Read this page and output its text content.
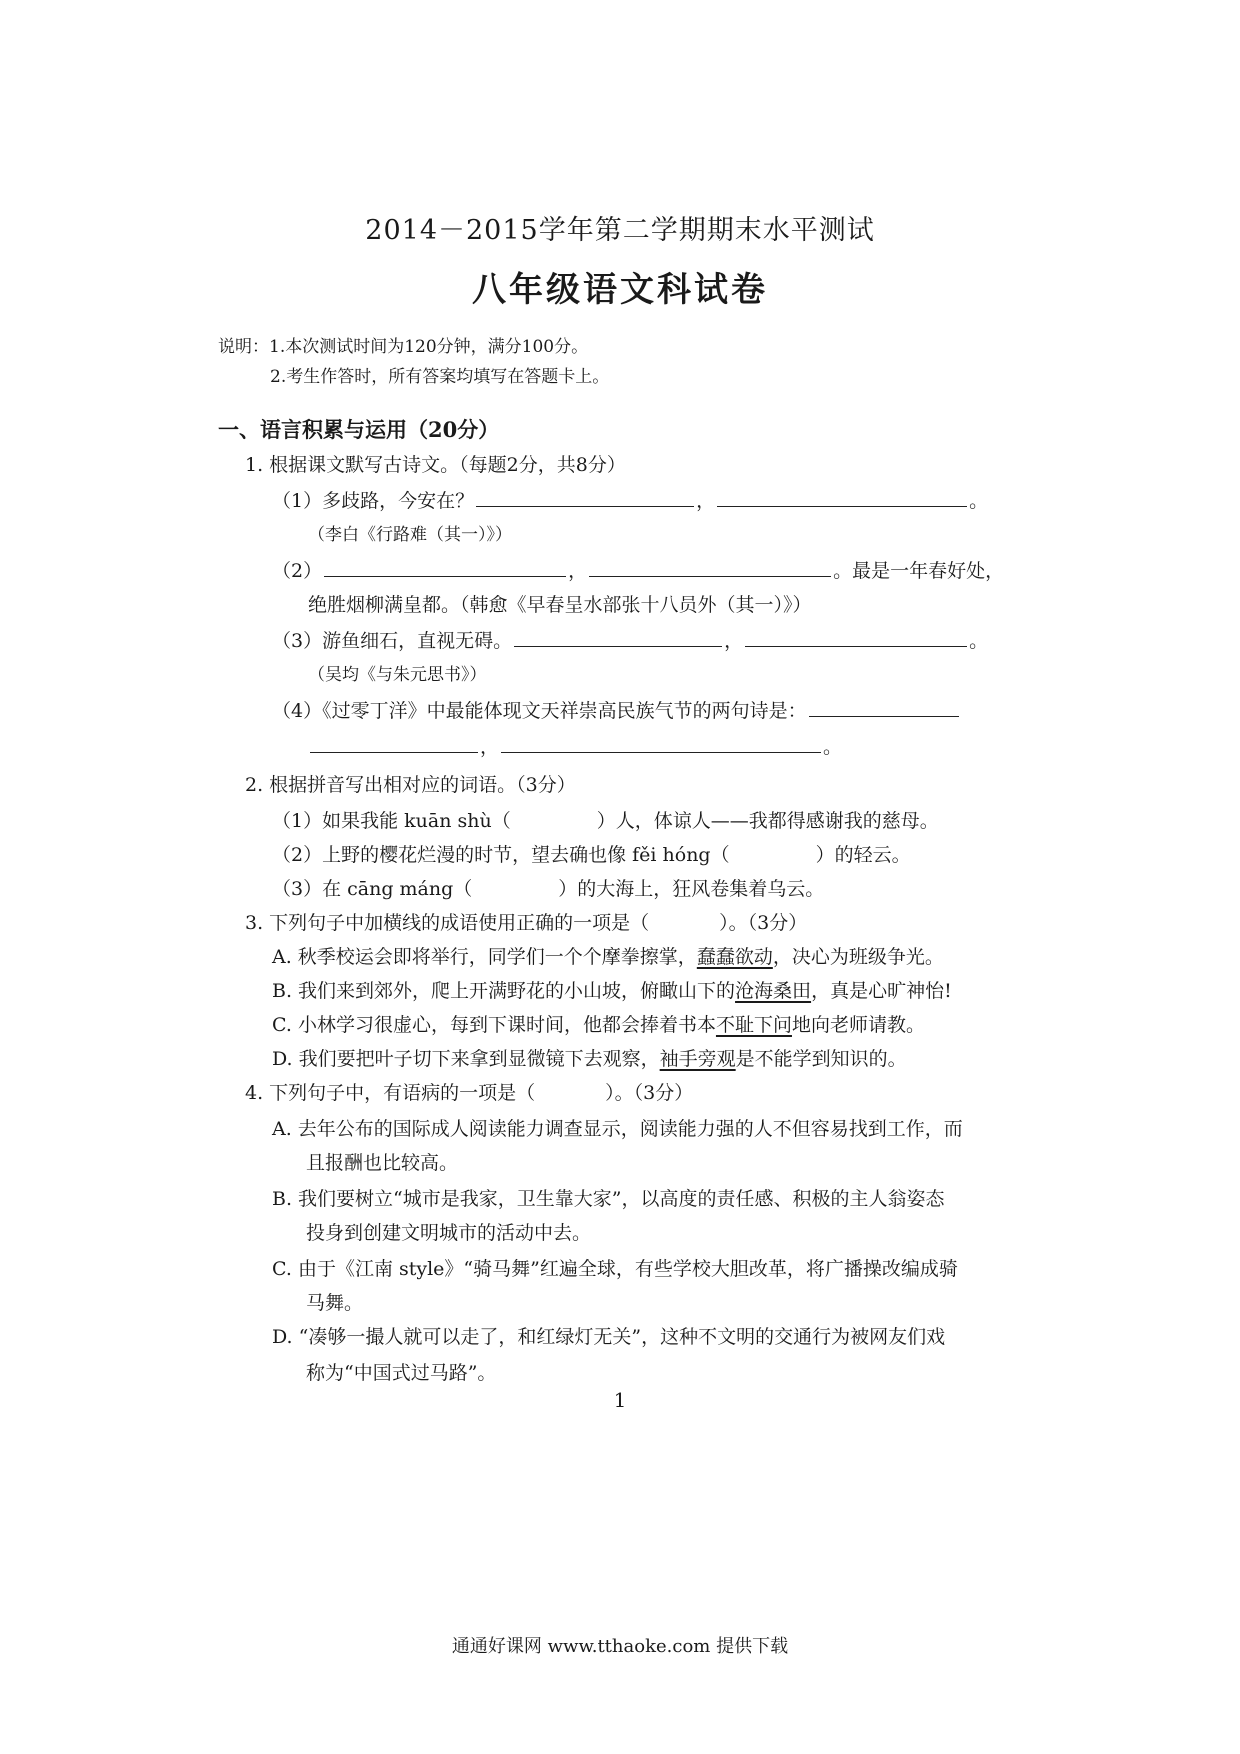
2014－2015学年第二学期期末水平测试
八年级语文科试卷
说明：1.本次测试时间为120分钟，满分100分。
2.考生作答时，所有答案均填写在答题卡上。
一、语言积累与运用（20分）
1. 根据课文默写古诗文。（每题2分，共8分）
（1）多歧路，今安在？	，	。
（李白《行路难（其一）》）
（2）	，	。最是一年春好处，
绝胜烟柳满皇都。（韩愈《早春呈水部张十八员外（其一）》）
（3）游鱼细石，直视无碍。	，	。
（吴均《与朱元思书》）
（4）《过零丁洋》中最能体现文天祥崇高民族气节的两句诗是：
，	。
2. 根据拼音写出相对应的词语。（3分）
（1）如果我能 kuān shù（	）人，体谅人——我都得感谢我的慈母。
（2）上野的樱花烂漫的时节，望去确也像 fěi hóng（	）的轻云。
（3）在 cāng máng（	）的大海上，狂风卷集着乌云。
3. 下列句子中加横线的成语使用正确的一项是（	）。（3分）
A. 秋季校运会即将举行，同学们一个个摩拳擦掌，蠢蠢欲动，决心为班级争光。
B. 我们来到郊外，爬上开满野花的小山坡，俯瞰山下的沧海桑田，真是心旷神怡!
C. 小林学习很虚心，每到下课时间，他都会捧着书本不耻下问地向老师请教。
D. 我们要把叶子切下来拿到显微镜下去观察，袖手旁观是不能学到知识的。
4. 下列句子中，有语病的一项是（	）。（3分）
A. 去年公布的国际成人阅读能力调查显示，阅读能力强的人不但容易找到工作，而
且报酬也比较高。
B. 我们要树立“城市是我家，卫生靠大家”，以高度的责任感、积极的主人翁姿态
投身到创建文明城市的活动中去。
C. 由于《江南 style》“骑马舞”红遍全球，有些学校大胆改革，将广播操改编成骑
马舞。
D. “凑够一撮人就可以走了，和红绿灯无关”，这种不文明的交通行为被网友们戏
称为“中国式过马路”。
1
通通好课网 www.tthaoke.com 提供下载
